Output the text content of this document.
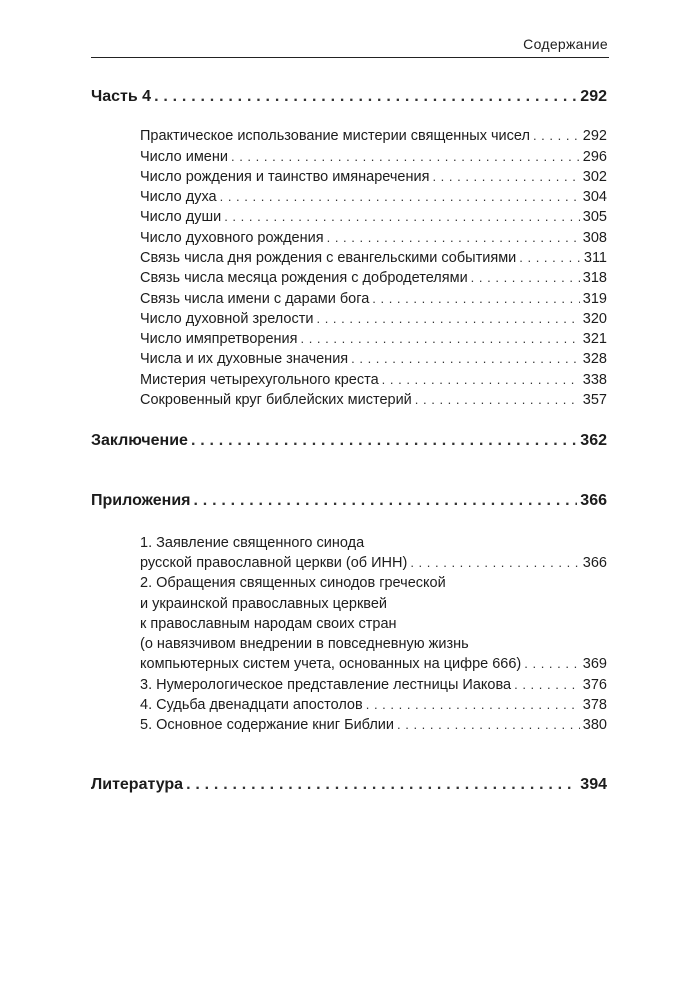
Содержание
Часть 4 . . .	292
Практическое использование мистерии священных чисел . . .	292
Число имени . . .	296
Число рождения и таинство имянаречения . . .	302
Число духа . . .	304
Число души . . .	305
Число духовного рождения . . .	308
Связь числа дня рождения с евангельскими событиями . . .	311
Связь числа месяца рождения с добродетелями . . .	318
Связь числа имени с дарами бога . . .	319
Число духовной зрелости . . .	320
Число имяпретворения . . .	321
Числа и их духовные значения . . .	328
Мистерия четырехугольного креста . . .	338
Сокровенный круг библейских мистерий . . .	357
Заключение . . .	362
Приложения . . .	366
1. Заявление священного синода
русской православной церкви (об ИНН) . . .	366
2. Обращения священных синодов греческой
и украинской православных церквей
к православным народам своих стран
(о навязчивом внедрении в повседневную жизнь
компьютерных систем учета, основанных на цифре 666) . . .	369
3. Нумерологическое представление лестницы Иакова . . .	376
4. Судьба двенадцати апостолов . . .	378
5. Основное содержание книг Библии . . .	380
Литература . . .	394
